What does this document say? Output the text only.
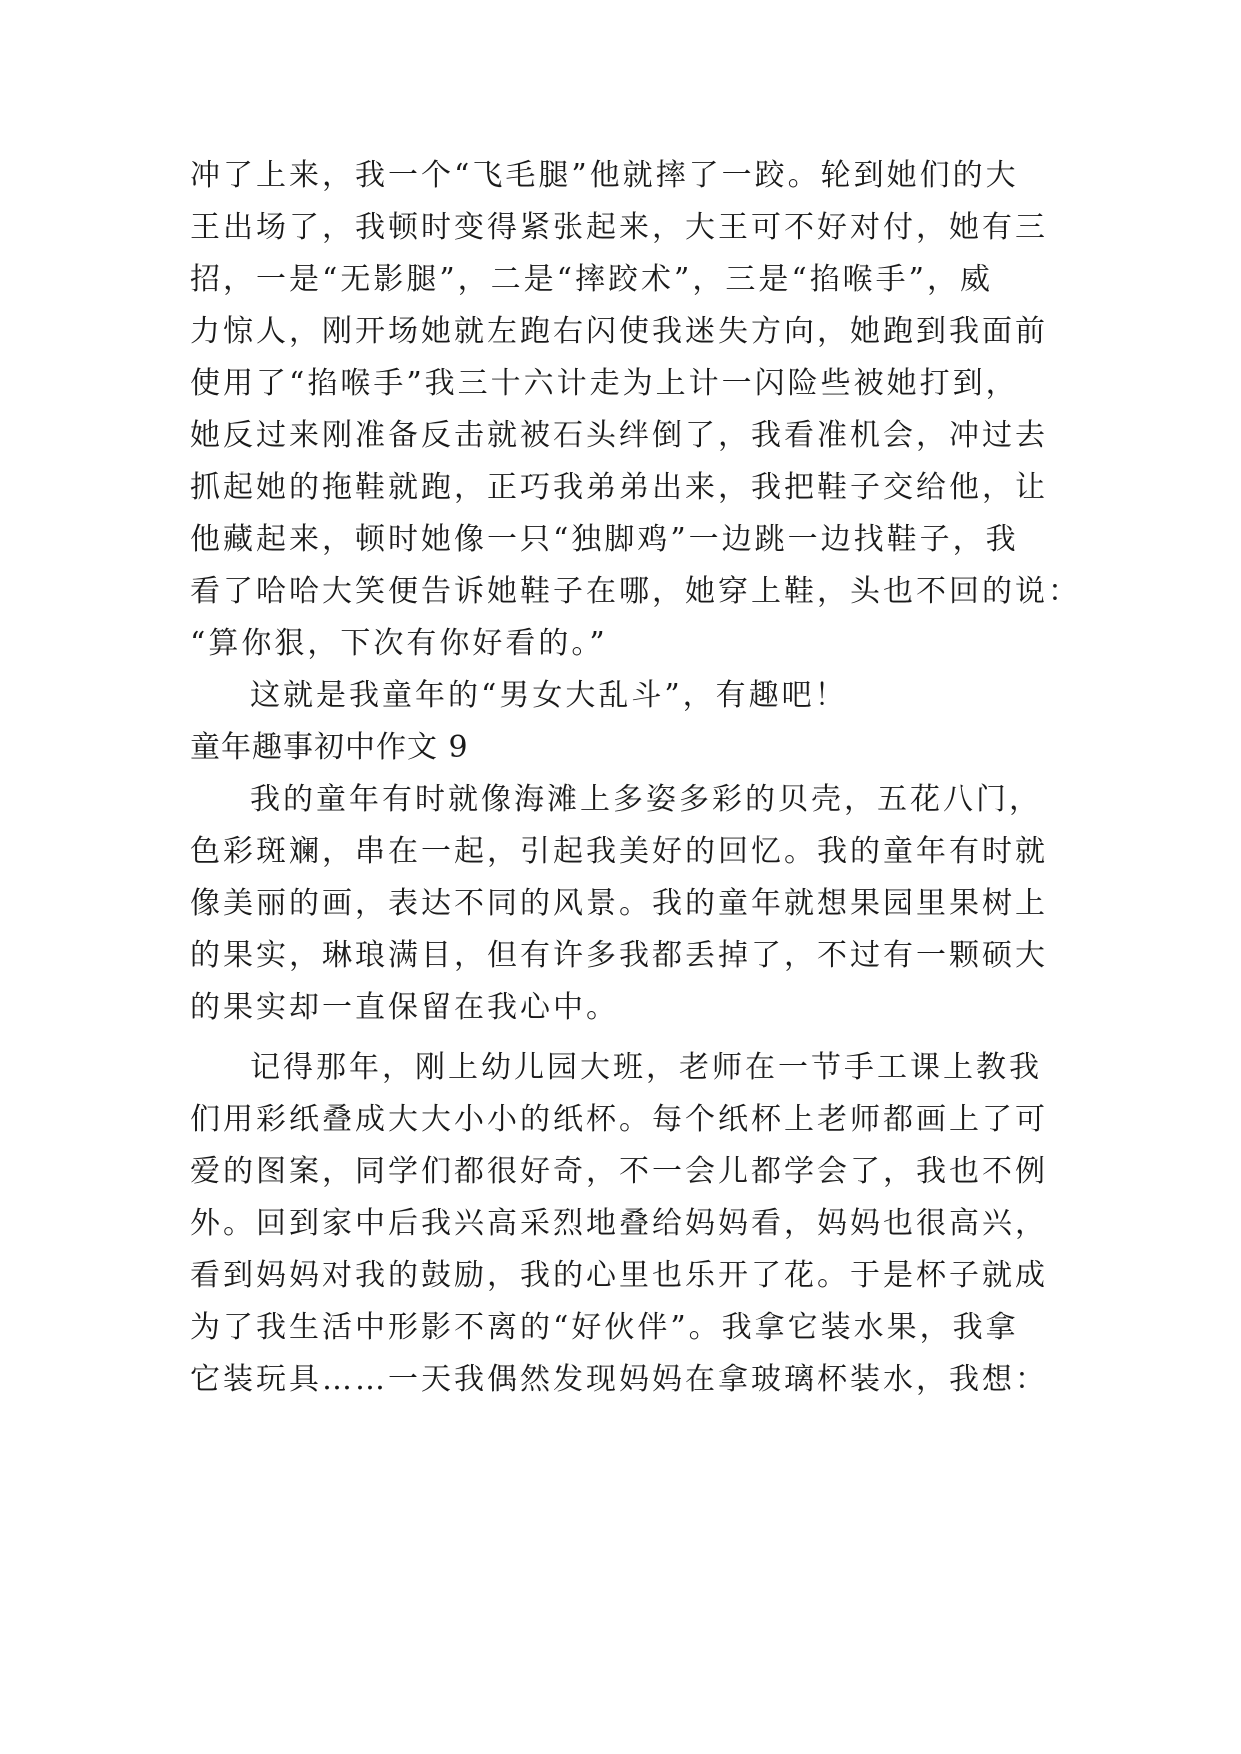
冲了上来，我一个“飞毛腿”他就摔了一跤。轮到她们的大
王出场了，我顿时变得紧张起来，大王可不好对付，她有三
招，一是“无影腿”，二是“摔跤术”，三是“掐喉手”，威
力惊人，刚开场她就左跑右闪使我迷失方向，她跑到我面前
使用了“掐喉手”我三十六计走为上计一闪险些被她打到，
她反过来刚准备反击就被石头绊倒了，我看准机会，冲过去
抓起她的拖鞋就跑，正巧我弟弟出来，我把鞋子交给他，让
他藏起来，顿时她像一只“独脚鸡”一边跳一边找鞋子，我
看了哈哈大笑便告诉她鞋子在哪，她穿上鞋，头也不回的说：
“算你狠，下次有你好看的。”

这就是我童年的“男女大乱斗”，有趣吧！

童年趣事初中作文 9

我的童年有时就像海滩上多姿多彩的贝壳，五花八门，
色彩斑斓，串在一起，引起我美好的回忆。我的童年有时就
像美丽的画，表达不同的风景。我的童年就想果园里果树上
的果实，琳琅满目，但有许多我都丢掉了，不过有一颗硕大
的果实却一直保留在我心中。

记得那年，刚上幼儿园大班，老师在一节手工课上教我
们用彩纸叠成大大小小的纸杯。每个纸杯上老师都画上了可
爱的图案，同学们都很好奇，不一会儿都学会了，我也不例
外。回到家中后我兴高采烈地叠给妈妈看，妈妈也很高兴，
看到妈妈对我的鼓励，我的心里也乐开了花。于是杯子就成
为了我生活中形影不离的“好伙伴”。我拿它装水果，我拿
它装玩具……一天我偶然发现妈妈在拿玻璃杯装水，我想：
